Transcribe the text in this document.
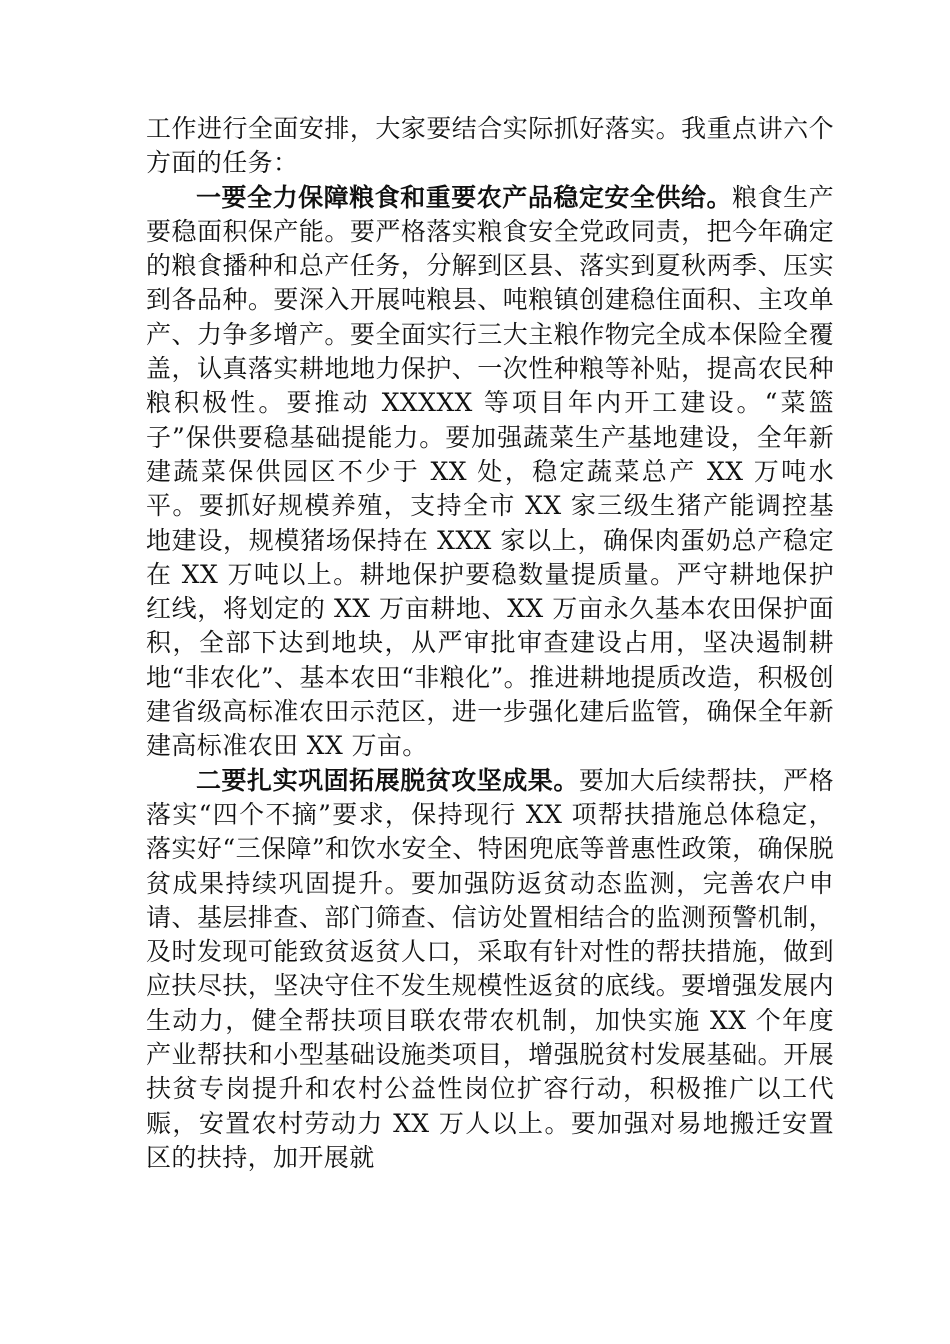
工作进行全面安排，大家要结合实际抓好落实。我重点讲六个方面的任务：

一要全力保障粮食和重要农产品稳定安全供给。粮食生产要稳面积保产能。要严格落实粮食安全党政同责，把今年确定的粮食播种和总产任务，分解到区县、落实到夏秋两季、压实到各品种。要深入开展吨粮县、吨粮镇创建稳住面积、主攻单产、力争多增产。要全面实行三大主粮作物完全成本保险全覆盖，认真落实耕地地力保护、一次性种粮等补贴，提高农民种粮积极性。要推动 XXXXX 等项目年内开工建设。“菜篮子”保供要稳基础提能力。要加强蔬菜生产基地建设，全年新建蔬菜保供园区不少于 XX 处，稳定蔬菜总产 XX 万吨水平。要抓好规模养殖，支持全市 XX 家三级生猪产能调控基地建设，规模猪场保持在 XXX 家以上，确保肉蛋奶总产稳定在 XX 万吨以上。耕地保护要稳数量提质量。严守耕地保护红线，将划定的 XX 万亩耕地、XX 万亩永久基本农田保护面积，全部下达到地块，从严审批审查建设占用，坚决遏制耕地“非农化”、基本农田“非粮化”。推进耕地提质改造，积极创建省级高标准农田示范区，进一步强化建后监管，确保全年新建高标准农田 XX 万亩。

二要扎实巩固拓展脱贫攻坚成果。要加大后续帮扶，严格落实“四个不摘”要求，保持现行 XX 项帮扶措施总体稳定，落实好“三保障”和饮水安全、特困兜底等普惠性政策，确保脱贫成果持续巩固提升。要加强防返贫动态监测，完善农户申请、基层排查、部门筛查、信访处置相结合的监测预警机制，及时发现可能致贫返贫人口，采取有针对性的帮扶措施，做到应扶尽扶，坚决守住不发生规模性返贫的底线。要增强发展内生动力，健全帮扶项目联农带农机制，加快实施 XX 个年度产业帮扶和小型基础设施类项目，增强脱贫村发展基础。开展扶贫专岗提升和农村公益性岗位扩容行动，积极推广以工代赈，安置农村劳动力 XX 万人以上。要加强对易地搬迁安置区的扶持，加开展就
